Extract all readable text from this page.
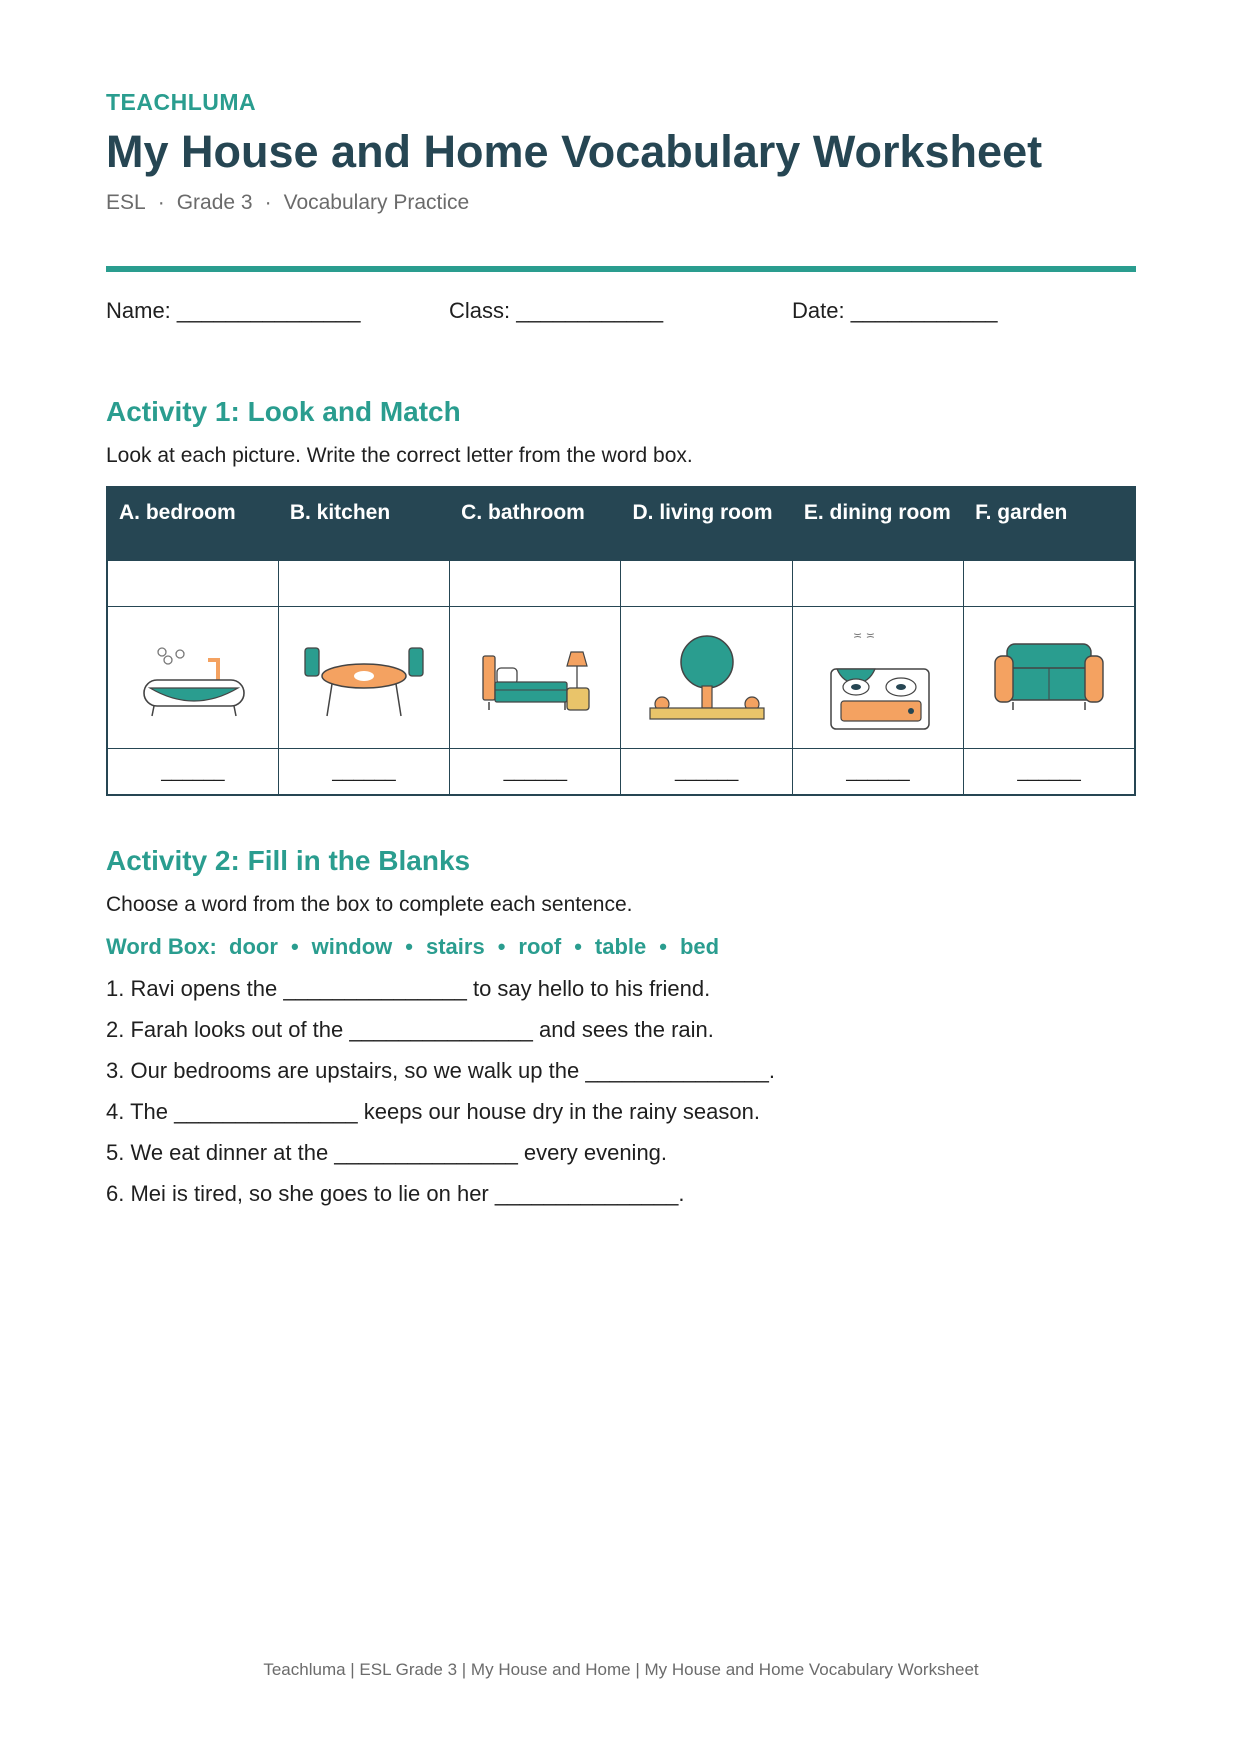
TEACHLUMA
My House and Home Vocabulary Worksheet
ESL · Grade 3 · Vocabulary Practice
Name: _______________	Class: ____________	Date: ____________
Activity 1: Look and Match
Look at each picture. Write the correct letter from the word box.
A. bedroom	B. kitchen	C. bathroom	D. living room	E. dining room	F. garden

≍ ≍

______	______	______	______	______	______
Activity 2: Fill in the Blanks
Choose a word from the box to complete each sentence.
Word Box: door • window • stairs • roof • table • bed
1. Ravi opens the _______________ to say hello to his friend.
2. Farah looks out of the _______________ and sees the rain.
3. Our bedrooms are upstairs, so we walk up the _______________.
4. The _______________ keeps our house dry in the rainy season.
5. We eat dinner at the _______________ every evening.
6. Mei is tired, so she goes to lie on her _______________.
Teachluma | ESL Grade 3 | My House and Home | My House and Home Vocabulary Worksheet
